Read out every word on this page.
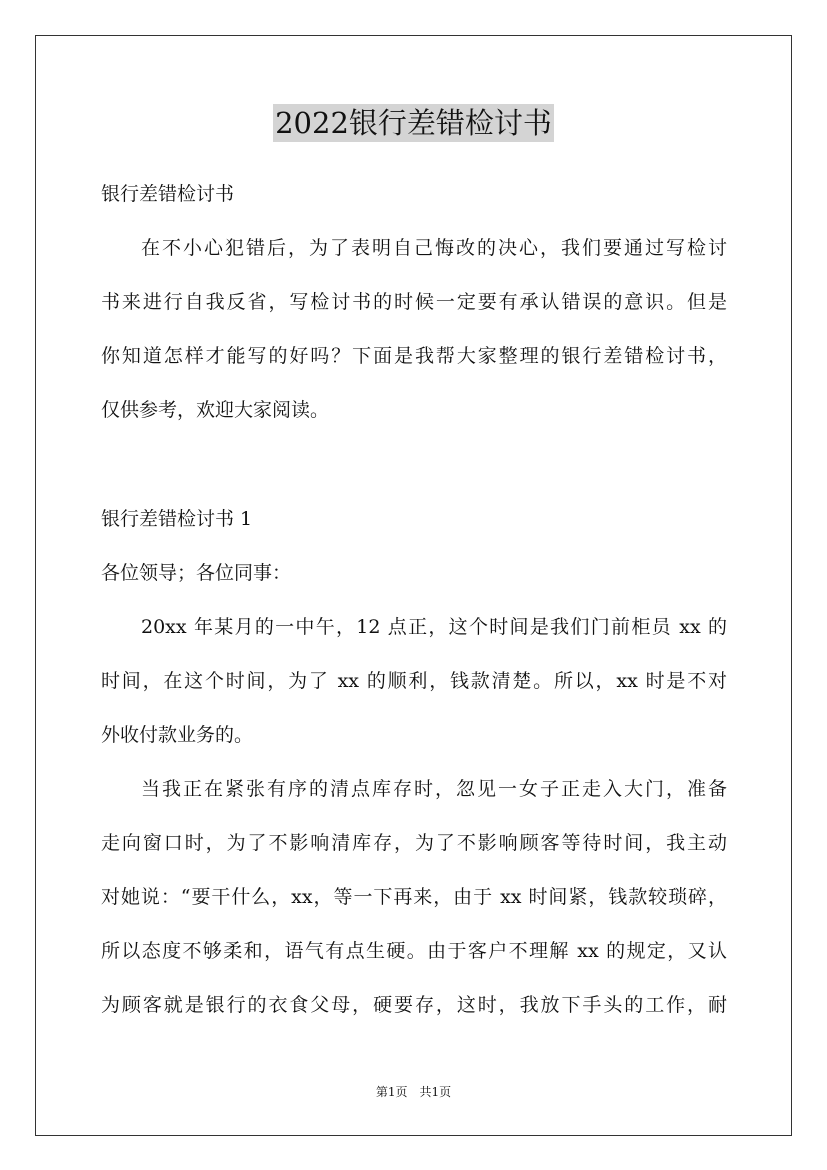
2022银行差错检讨书
银行差错检讨书
在不小心犯错后，为了表明自己悔改的决心，我们要通过写检讨
书来进行自我反省，写检讨书的时候一定要有承认错误的意识。但是
你知道怎样才能写的好吗？下面是我帮大家整理的银行差错检讨书，
仅供参考，欢迎大家阅读。
银行差错检讨书 1
各位领导；各位同事：
20xx 年某月的一中午，12 点正，这个时间是我们门前柜员 xx 的
时间，在这个时间，为了 xx 的顺利，钱款清楚。所以，xx 时是不对
外收付款业务的。
当我正在紧张有序的清点库存时，忽见一女子正走入大门，准备
走向窗口时，为了不影响清库存，为了不影响顾客等待时间，我主动
对她说：“要干什么，xx，等一下再来，由于 xx 时间紧，钱款较琐碎，
所以态度不够柔和，语气有点生硬。由于客户不理解 xx 的规定，又认
为顾客就是银行的衣食父母，硬要存，这时，我放下手头的工作，耐
第1页　共1页
